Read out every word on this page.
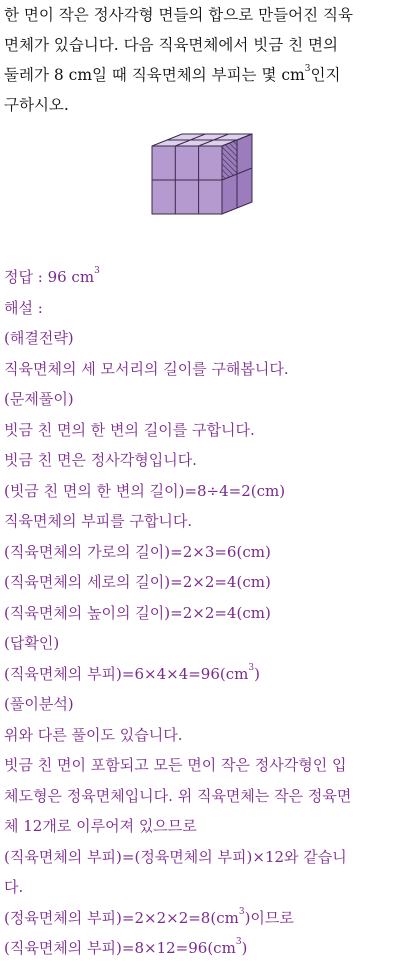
한 면이 작은 정사각형 면들의 합으로 만들어진 직육
면체가 있습니다. 다음 직육면체에서 빗금 친 면의
둘레가 8 cm일 때 직육면체의 부피는 몇 $cm^3$인지
구하시오.
정답 : 96 $cm^3$
해설 :
(해결전략)
직육면체의 세 모서리의 길이를 구해봅니다.
(문제풀이)
빗금 친 면의 한 변의 길이를 구합니다.
빗금 친 면은 정사각형입니다.
(빗금 친 면의 한 변의 길이)=8÷4=2(cm)
직육면체의 부피를 구합니다.
(직육면체의 가로의 길이)=2×3=6(cm)
(직육면체의 세로의 길이)=2×2=4(cm)
(직육면체의 높이의 길이)=2×2=4(cm)
(답확인)
(직육면체의 부피)$=6\times 4\times 4=96(cm^3)$
(풀이분석)
위와 다른 풀이도 있습니다.
빗금 친 면이 포함되고 모든 면이 작은 정사각형인 입
체도형은 정육면체입니다. 위 직육면체는 작은 정육면
체 12개로 이루어져 있으므로
(직육면체의 부피)=(정육면체의 부피)×12와 같습니
다.
(정육면체의 부피)$=2\times 2\times 2=8(cm^3)$이므로
(직육면체의 부피)$=8\times 12=96(cm^3)$
